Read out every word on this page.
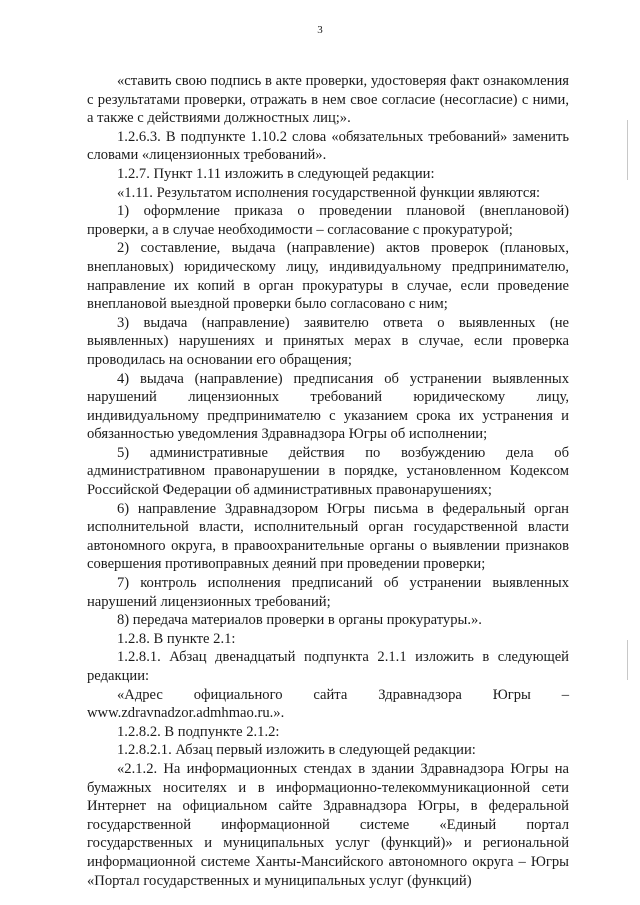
3

«ставить свою подпись в акте проверки, удостоверяя факт ознакомления с результатами проверки, отражать в нем свое согласие (несогласие) с ними, а также с действиями должностных лиц;».

1.2.6.3. В подпункте 1.10.2 слова «обязательных требований» заменить словами «лицензионных требований».

1.2.7. Пункт 1.11 изложить в следующей редакции:

«1.11. Результатом исполнения государственной функции являются:

1) оформление приказа о проведении плановой (внеплановой) проверки, а в случае необходимости – согласование с прокуратурой;

2) составление, выдача (направление) актов проверок (плановых, внеплановых) юридическому лицу, индивидуальному предпринимателю, направление их копий в орган прокуратуры в случае, если проведение внеплановой выездной проверки было согласовано с ним;

3) выдача (направление) заявителю ответа о выявленных (не выявленных) нарушениях и принятых мерах в случае, если проверка проводилась на основании его обращения;

4) выдача (направление) предписания об устранении выявленных нарушений лицензионных требований юридическому лицу, индивидуальному предпринимателю с указанием срока их устранения и обязанностью уведомления Здравнадзора Югры об исполнении;

5) административные действия по возбуждению дела об административном правонарушении в порядке, установленном Кодексом Российской Федерации об административных правонарушениях;

6) направление Здравнадзором Югры письма в федеральный орган исполнительной власти, исполнительный орган государственной власти автономного округа, в правоохранительные органы о выявлении признаков совершения противоправных деяний при проведении проверки;

7) контроль исполнения предписаний об устранении выявленных нарушений лицензионных требований;

8) передача материалов проверки в органы прокуратуры.».

1.2.8. В пункте 2.1:

1.2.8.1. Абзац двенадцатый подпункта 2.1.1 изложить в следующей редакции:

«Адрес официального сайта Здравнадзора Югры – www.zdravnadzor.admhmao.ru.».

1.2.8.2. В подпункте 2.1.2:

1.2.8.2.1. Абзац первый изложить в следующей редакции:

«2.1.2. На информационных стендах в здании Здравнадзора Югры на бумажных носителях и в информационно-телекоммуникационной сети Интернет на официальном сайте Здравнадзора Югры, в федеральной государственной информационной системе «Единый портал государственных и муниципальных услуг (функций)» и региональной информационной системе Ханты-Мансийского автономного округа – Югры «Портал государственных и муниципальных услуг (функций)
